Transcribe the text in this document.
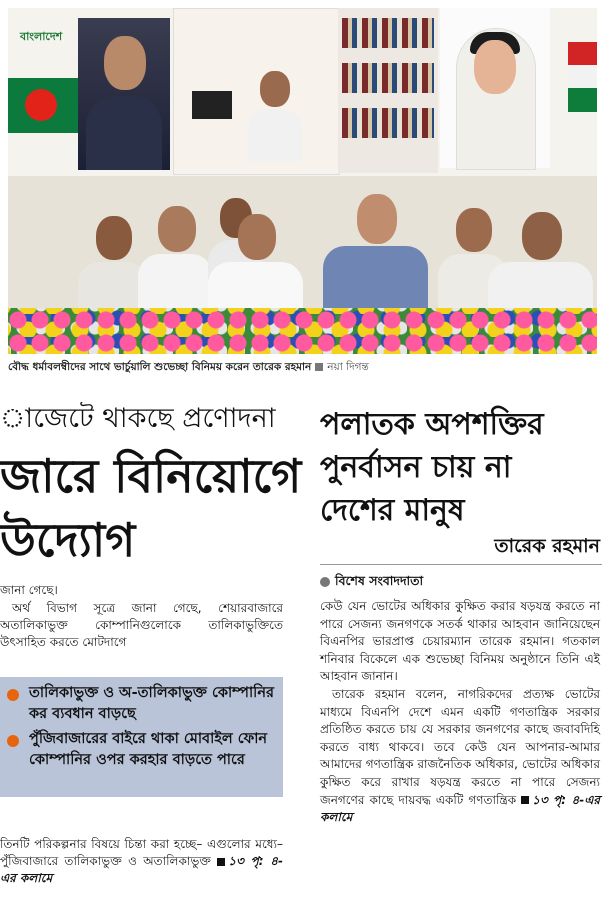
বাংলাদেশ
বৌদ্ধ ধর্মাবলম্বীদের সাথে ভার্চুয়ালি শুভেচ্ছা বিনিময় করেন তারেক রহমান নয়া দিগন্ত
াজেটে থাকছে প্রণোদনা
জারে বিনিয়োগে
উদ্যোগ

জানা গেছে।

অর্থ বিভাগ সূত্রে জানা গেছে, শেয়ারবাজারে অতালিকাভুক্ত কোম্পানিগুলোকে তালিকাভুক্তিতে উৎসাহিত করতে মোটদাগে

তালিকাভুক্ত ও অ-তালিকাভুক্ত কোম্পানির কর ব্যবধান বাড়ছে
পুঁজিবাজারের বাইরে থাকা মোবাইল ফোন কোম্পানির ওপর করহার বাড়তে পারে
তিনটি পরিকল্পনার বিষয়ে চিন্তা করা হচ্ছে– এগুলোর মধ্যে– পুঁজিবাজারে তালিকাভুক্ত ও অতালিকাভুক্ত ১৩ পৃ: ৪-এর কলামে
পলাতক অপশক্তির
পুনর্বাসন চায় না
দেশের মানুষ
তারেক রহমান
বিশেষ সংবাদদাতা

কেউ যেন ভোটের অধিকার কুক্ষিত করার ষড়যন্ত্র করতে না পারে সেজন্য জনগণকে সতর্ক থাকার আহবান জানিয়েছেন বিএনপির ভারপ্রাপ্ত চেয়ারম্যান তারেক রহমান। গতকাল শনিবার বিকেলে এক শুভেচ্ছা বিনিময় অনুষ্ঠানে তিনি এই আহবান জানান।

তারেক রহমান বলেন, নাগরিকদের প্রত্যক্ষ ভোটের মাধ্যমে বিএনপি দেশে এমন একটি গণতান্ত্রিক সরকার প্রতিষ্ঠিত করতে চায় যে সরকার জনগণের কাছে জবাবদিহি করতে বাধ্য থাকবে। তবে কেউ যেন আপনার-আমার আমাদের গণতান্ত্রিক রাজনৈতিক অধিকার, ভোটের অধিকার কুক্ষিত করে রাখার ষড়যন্ত্র করতে না পারে সেজন্য জনগণের কাছে দায়বদ্ধ একটি গণতান্ত্রিক ১৩ পৃ: ৪-এর কলামে
